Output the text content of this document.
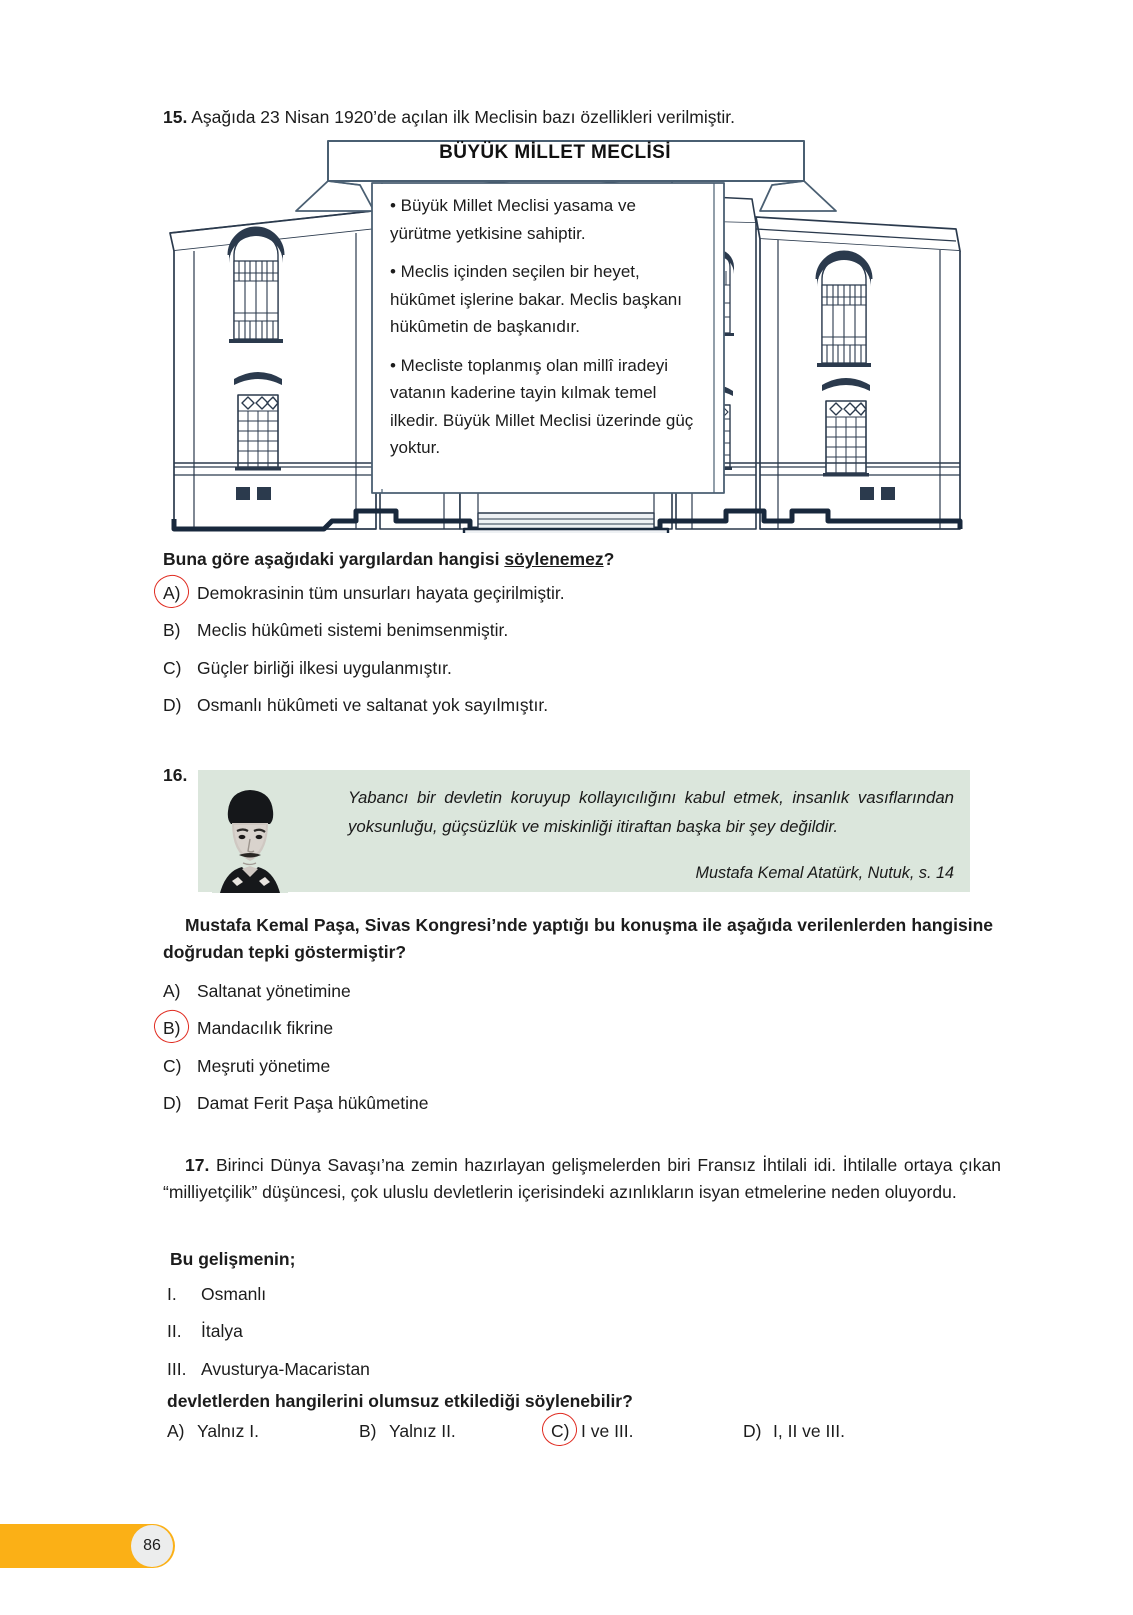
15. Aşağıda 23 Nisan 1920’de açılan ilk Meclisin bazı özellikleri verilmiştir.
BÜYÜK MİLLET MECLİSİ
• Büyük Millet Meclisi yasama ve yürütme yetkisine sahiptir.
• Meclis içinden seçilen bir heyet, hükûmet işlerine bakar. Meclis başkanı hükûmetin de başkanıdır.
• Mecliste toplanmış olan millî iradeyi vatanın kaderine tayin kılmak temel ilkedir. Büyük Millet Meclisi üzerinde güç yoktur.
Buna göre aşağıdaki yargılardan hangisi söylenemez?
A) Demokrasinin tüm unsurları hayata geçirilmiştir.
B) Meclis hükûmeti sistemi benimsenmiştir.
C) Güçler birliği ilkesi uygulanmıştır.
D) Osmanlı hükûmeti ve saltanat yok sayılmıştır.
16.
Yabancı bir devletin koruyup kollayıcılığını kabul etmek, insanlık vasıflarından yoksunluğu, güçsüzlük ve miskinliği itiraftan başka bir şey değildir.
Mustafa Kemal Atatürk, Nutuk, s. 14
Mustafa Kemal Paşa, Sivas Kongresi’nde yaptığı bu konuşma ile aşağıda verilenlerden hangisine doğrudan tepki göstermiştir?
A) Saltanat yönetimine
B) Mandacılık fikrine
C) Meşruti yönetime
D) Damat Ferit Paşa hükûmetine
17. Birinci Dünya Savaşı’na zemin hazırlayan gelişmelerden biri Fransız İhtilali idi. İhtilalle ortaya çıkan “milliyetçilik” düşüncesi, çok uluslu devletlerin içerisindeki azınlıkların isyan etmelerine neden oluyordu.
Bu gelişmenin;
I.	Osmanlı
II.	İtalya
III. Avusturya-Macaristan
devletlerden hangilerini olumsuz etkilediği söylenebilir?
A) Yalnız I.	B) Yalnız II.	C) I ve III.	D) I, II ve III.
86
